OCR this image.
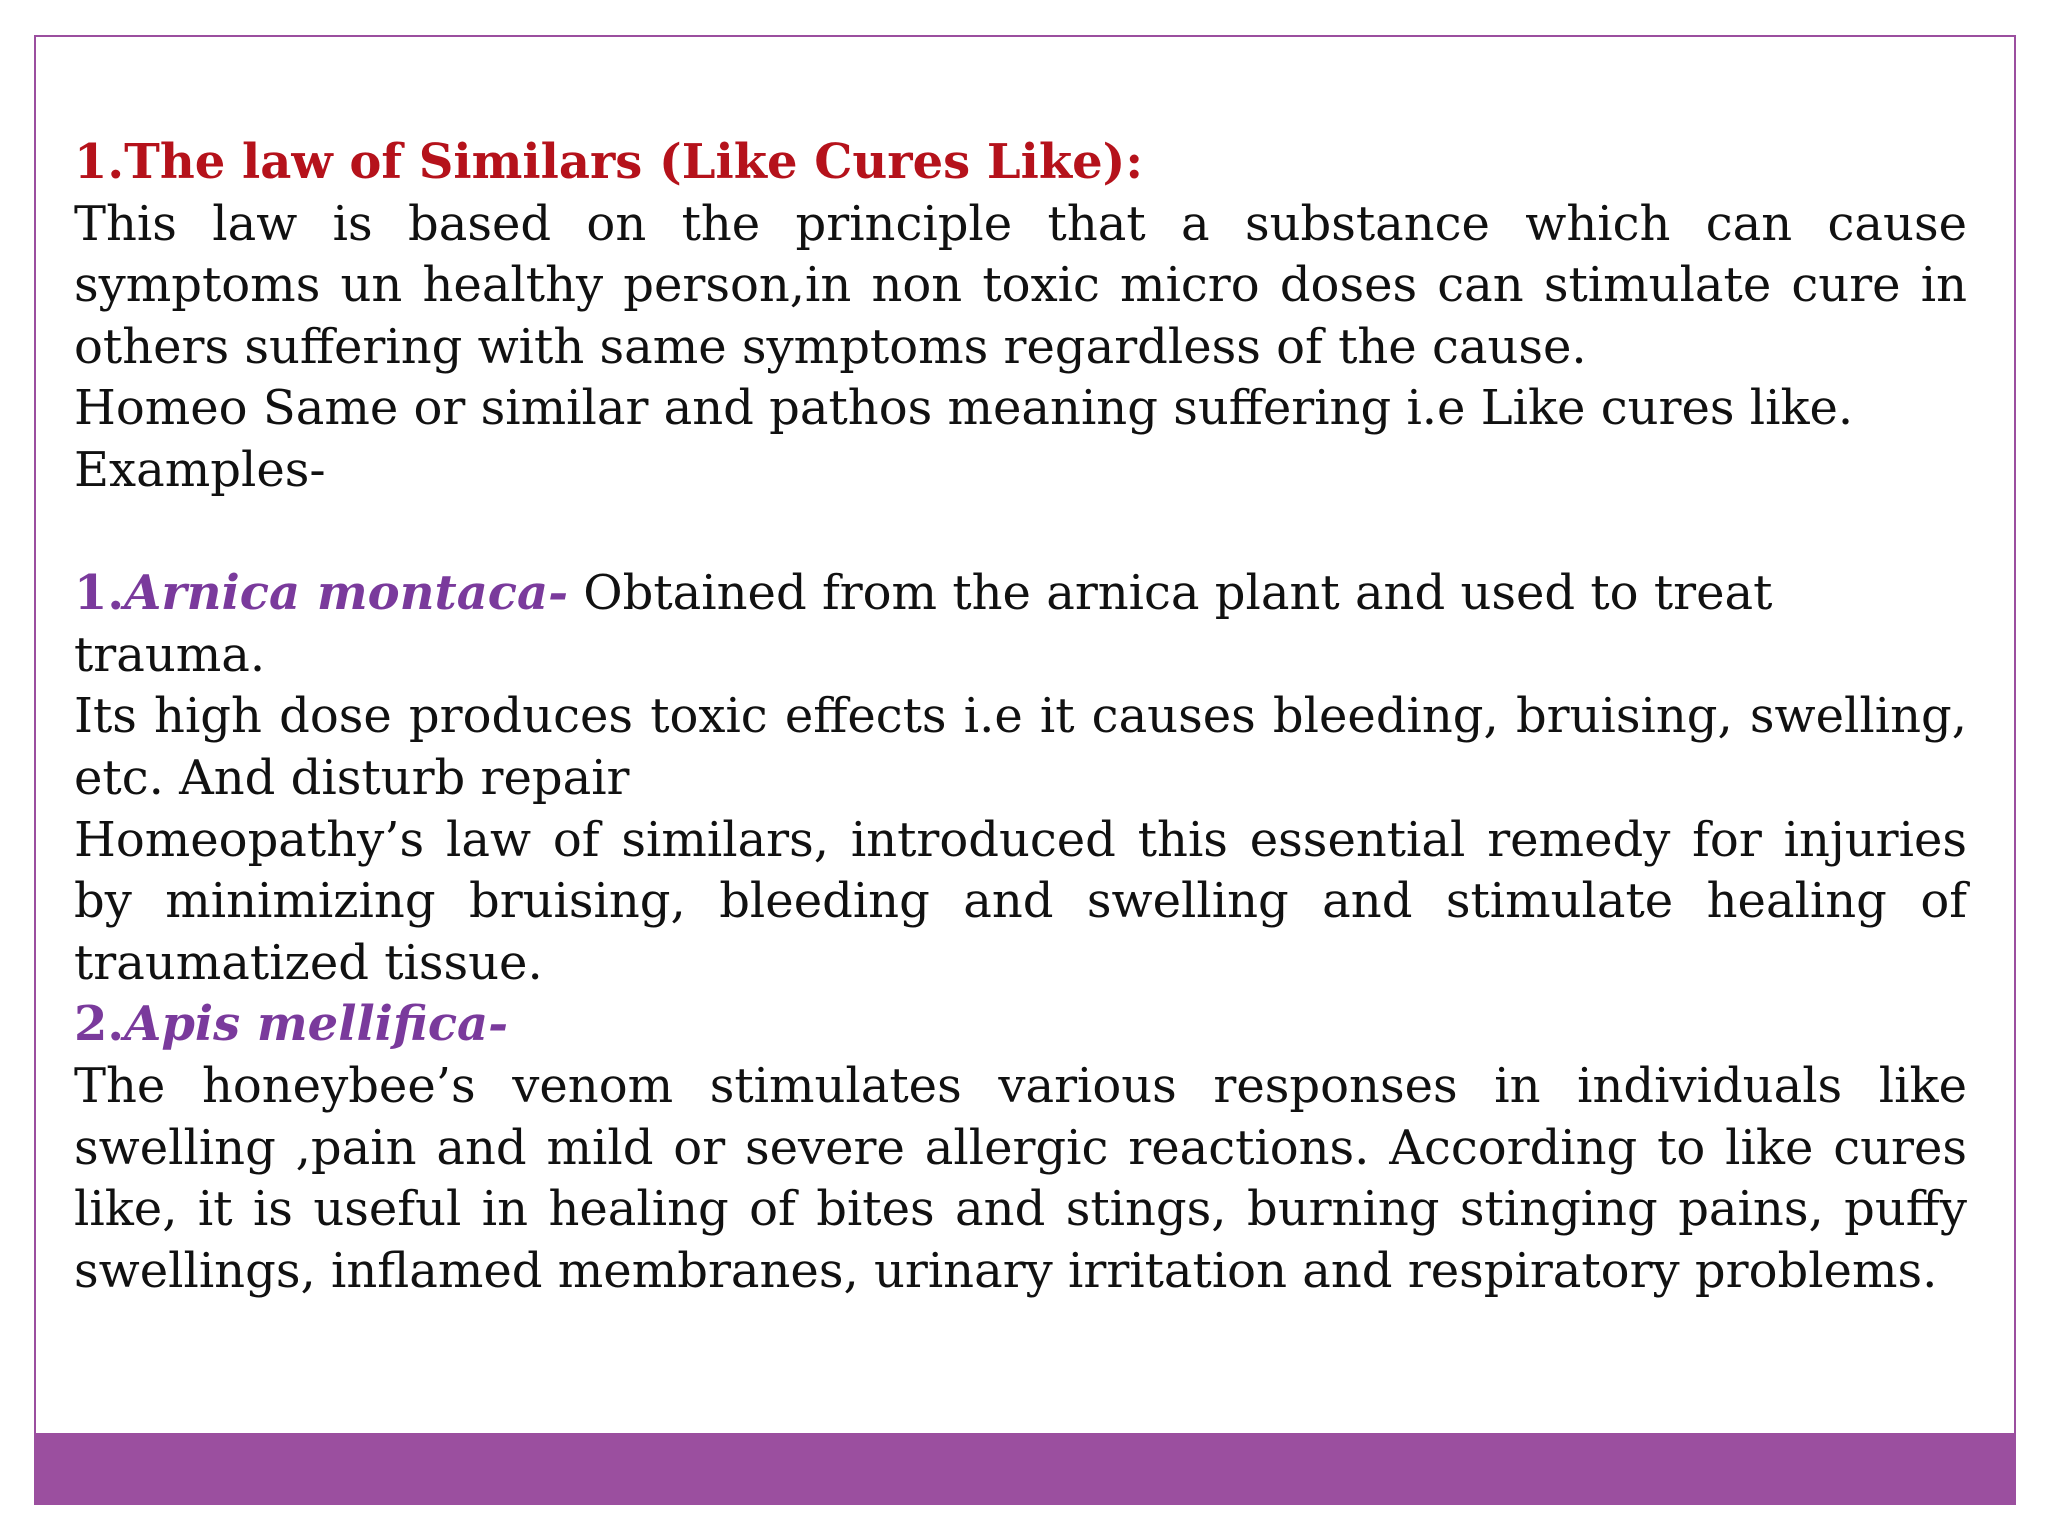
1.The law of Similars (Like Cures Like):

This law is based on the principle that a substance which can cause symptoms un healthy person,in non toxic micro doses can stimulate cure in others suffering with same symptoms regardless of the cause.

Homeo Same or similar and pathos meaning suffering i.e Like cures like.

Examples-

1.Arnica montaca- Obtained from the arnica plant and used to treat trauma.

Its high dose produces toxic effects i.e it causes bleeding, bruising, swelling, etc. And disturb repair

Homeopathy’s law of similars, introduced this essential remedy for injuries by minimizing bruising, bleeding and swelling and stimulate healing of traumatized tissue.

2.Apis mellifica-

The honeybee’s venom stimulates various responses in individuals like swelling ,pain and mild or severe allergic reactions. According to like cures like, it is useful in healing of bites and stings, burning stinging pains, puffy swellings, inflamed membranes, urinary irritation and respiratory problems.
